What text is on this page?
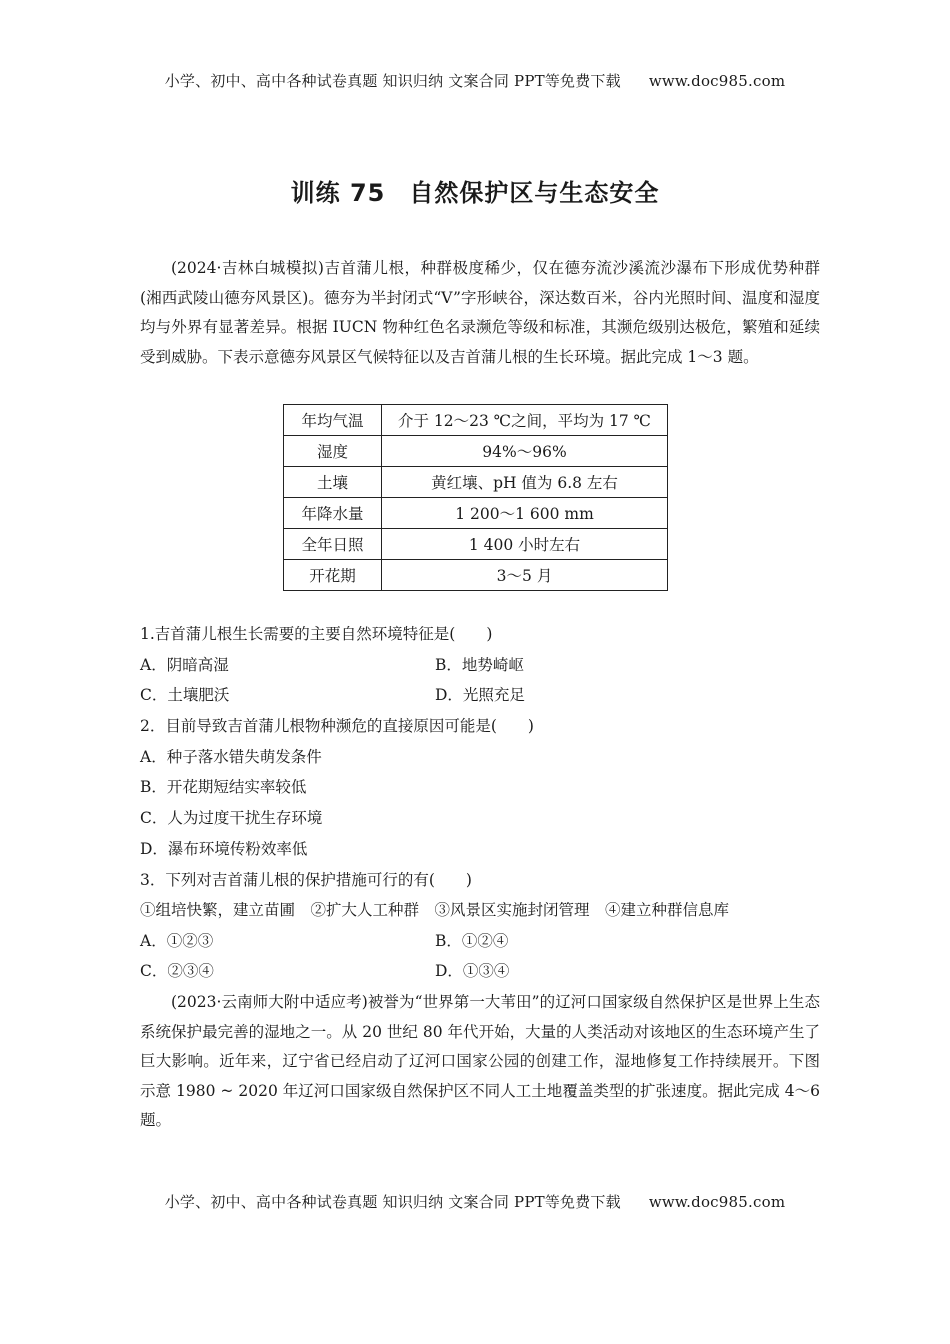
小学、初中、高中各种试卷真题 知识归纳 文案合同 PPT等免费下载 www.doc985.com
训练 75 自然保护区与生态安全

(2024·吉林白城模拟)吉首蒲儿根，种群极度稀少，仅在德夯流沙溪流沙瀑布下形成优势种群(湘西武陵山德夯风景区)。德夯为半封闭式“V”字形峡谷，深达数百米，谷内光照时间、温度和湿度均与外界有显著差异。根据 IUCN 物种红色名录濒危等级和标准，其濒危级别达极危，繁殖和延续受到威胁。下表示意德夯风景区气候特征以及吉首蒲儿根的生长环境。据此完成 1～3 题。

年均气温	介于 12～23 ℃之间，平均为 17 ℃
湿度	94%～96%
土壤	黄红壤、pH 值为 6.8 左右
年降水量	1 200～1 600 mm
全年日照	1 400 小时左右
开花期	3～5 月
1.吉首蒲儿根生长需要的主要自然环境特征是(　　)
A．阴暗高湿	B．地势崎岖
C．土壤肥沃	D．光照充足
2．目前导致吉首蒲儿根物种濒危的直接原因可能是(　　)
A．种子落水错失萌发条件
B．开花期短结实率较低
C．人为过度干扰生存环境
D．瀑布环境传粉效率低
3．下列对吉首蒲儿根的保护措施可行的有(　　)
①组培快繁，建立苗圃　②扩大人工种群　③风景区实施封闭管理　④建立种群信息库
A．①②③	B．①②④
C．②③④	D．①③④

(2023·云南师大附中适应考)被誉为“世界第一大苇田”的辽河口国家级自然保护区是世界上生态系统保护最完善的湿地之一。从 20 世纪 80 年代开始，大量的人类活动对该地区的生态环境产生了巨大影响。近年来，辽宁省已经启动了辽河口国家公园的创建工作，湿地修复工作持续展开。下图示意 1980 ~ 2020 年辽河口国家级自然保护区不同人工土地覆盖类型的扩张速度。据此完成 4～6 题。

小学、初中、高中各种试卷真题 知识归纳 文案合同 PPT等免费下载 www.doc985.com
